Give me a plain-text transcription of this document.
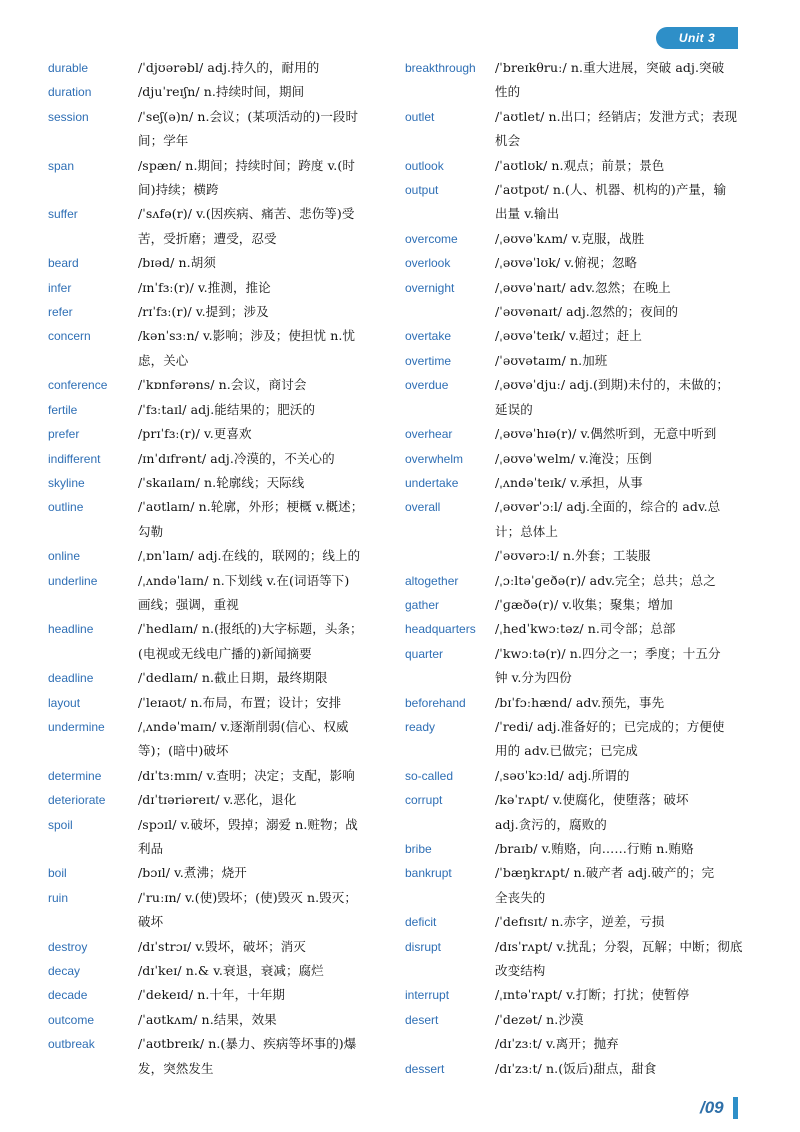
Unit 3
durable	/ˈdjʊərəbl/ adj.持久的，耐用的
duration	/djuˈreɪʃn/ n.持续时间，期间
session	/ˈseʃ(ə)n/ n.会议；(某项活动的)一段时
间；学年
span	/spæn/ n.期间；持续时间；跨度 v.(时
间)持续；横跨
suffer	/ˈsʌfə(r)/ v.(因疾病、痛苦、悲伤等)受
苦，受折磨；遭受，忍受
beard	/bɪəd/ n.胡须
infer	/ɪnˈfɜː(r)/ v.推测，推论
refer	/rɪˈfɜː(r)/ v.提到；涉及
concern	/kənˈsɜːn/ v.影响；涉及；使担忧 n.忧
虑，关心
conference	/ˈkɒnfərəns/ n.会议，商讨会
fertile	/ˈfɜːtaɪl/ adj.能结果的；肥沃的
prefer	/prɪˈfɜː(r)/ v.更喜欢
indifferent	/ɪnˈdɪfrənt/ adj.冷漠的，不关心的
skyline	/ˈskaɪlaɪn/ n.轮廓线；天际线
outline	/ˈaʊtlaɪn/ n.轮廓，外形；梗概 v.概述；
勾勒
online	/ˌɒnˈlaɪn/ adj.在线的，联网的；线上的
underline	/ˌʌndəˈlaɪn/ n.下划线 v.在(词语等下)
画线；强调，重视
headline	/ˈhedlaɪn/ n.(报纸的)大字标题，头条；
(电视或无线电广播的)新闻摘要
deadline	/ˈdedlaɪn/ n.截止日期，最终期限
layout	/ˈleɪaʊt/ n.布局，布置；设计；安排
undermine	/ˌʌndəˈmaɪn/ v.逐渐削弱(信心、权威
等)；(暗中)破坏
determine	/dɪˈtɜːmɪn/ v.查明；决定；支配，影响
deteriorate	/dɪˈtɪəriəreɪt/ v.恶化，退化
spoil	/spɔɪl/ v.破坏，毁掉；溺爱 n.赃物；战
利品
boil	/bɔɪl/ v.煮沸；烧开
ruin	/ˈruːɪn/ v.(使)毁坏；(使)毁灭 n.毁灭；
破坏
destroy	/dɪˈstrɔɪ/ v.毁坏，破坏；消灭
decay	/dɪˈkeɪ/ n.& v.衰退，衰减；腐烂
decade	/ˈdekeɪd/ n.十年，十年期
outcome	/ˈaʊtkʌm/ n.结果，效果
outbreak	/ˈaʊtbreɪk/ n.(暴力、疾病等坏事的)爆
发，突然发生
breakthrough	/ˈbreɪkθruː/ n.重大进展，突破 adj.突破
性的
outlet	/ˈaʊtlet/ n.出口；经销店；发泄方式；表现
机会
outlook	/ˈaʊtlʊk/ n.观点；前景；景色
output	/ˈaʊtpʊt/ n.(人、机器、机构的)产量，输
出量 v.输出
overcome	/ˌəʊvəˈkʌm/ v.克服，战胜
overlook	/ˌəʊvəˈlʊk/ v.俯视；忽略
overnight	/ˌəʊvəˈnaɪt/ adv.忽然；在晚上
/ˈəʊvənaɪt/ adj.忽然的；夜间的
overtake	/ˌəʊvəˈteɪk/ v.超过；赶上
overtime	/ˈəʊvətaɪm/ n.加班
overdue	/ˌəʊvəˈdjuː/ adj.(到期)未付的，未做的；
延误的
overhear	/ˌəʊvəˈhɪə(r)/ v.偶然听到，无意中听到
overwhelm	/ˌəʊvəˈwelm/ v.淹没；压倒
undertake	/ˌʌndəˈteɪk/ v.承担，从事
overall	/ˌəʊvərˈɔːl/ adj.全面的，综合的 adv.总
计；总体上
/ˈəʊvərɔːl/ n.外套；工装服
altogether	/ˌɔːltəˈɡeðə(r)/ adv.完全；总共；总之
gather	/ˈɡæðə(r)/ v.收集；聚集；增加
headquarters	/ˌhedˈkwɔːtəz/ n.司令部；总部
quarter	/ˈkwɔːtə(r)/ n.四分之一；季度；十五分
钟 v.分为四份
beforehand	/bɪˈfɔːhænd/ adv.预先，事先
ready	/ˈredi/ adj.准备好的；已完成的；方便使
用的 adv.已做完；已完成
so-called	/ˌsəʊˈkɔːld/ adj.所谓的
corrupt	/kəˈrʌpt/ v.使腐化，使堕落；破坏
adj.贪污的，腐败的
bribe	/braɪb/ v.贿赂，向……行贿 n.贿赂
bankrupt	/ˈbæŋkrʌpt/ n.破产者 adj.破产的；完
全丧失的
deficit	/ˈdefɪsɪt/ n.赤字，逆差，亏损
disrupt	/dɪsˈrʌpt/ v.扰乱；分裂，瓦解；中断；彻底
改变结构
interrupt	/ˌɪntəˈrʌpt/ v.打断；打扰；使暂停
desert	/ˈdezət/ n.沙漠
/dɪˈzɜːt/ v.离开；抛弃
dessert	/dɪˈzɜːt/ n.(饭后)甜点，甜食
/09
